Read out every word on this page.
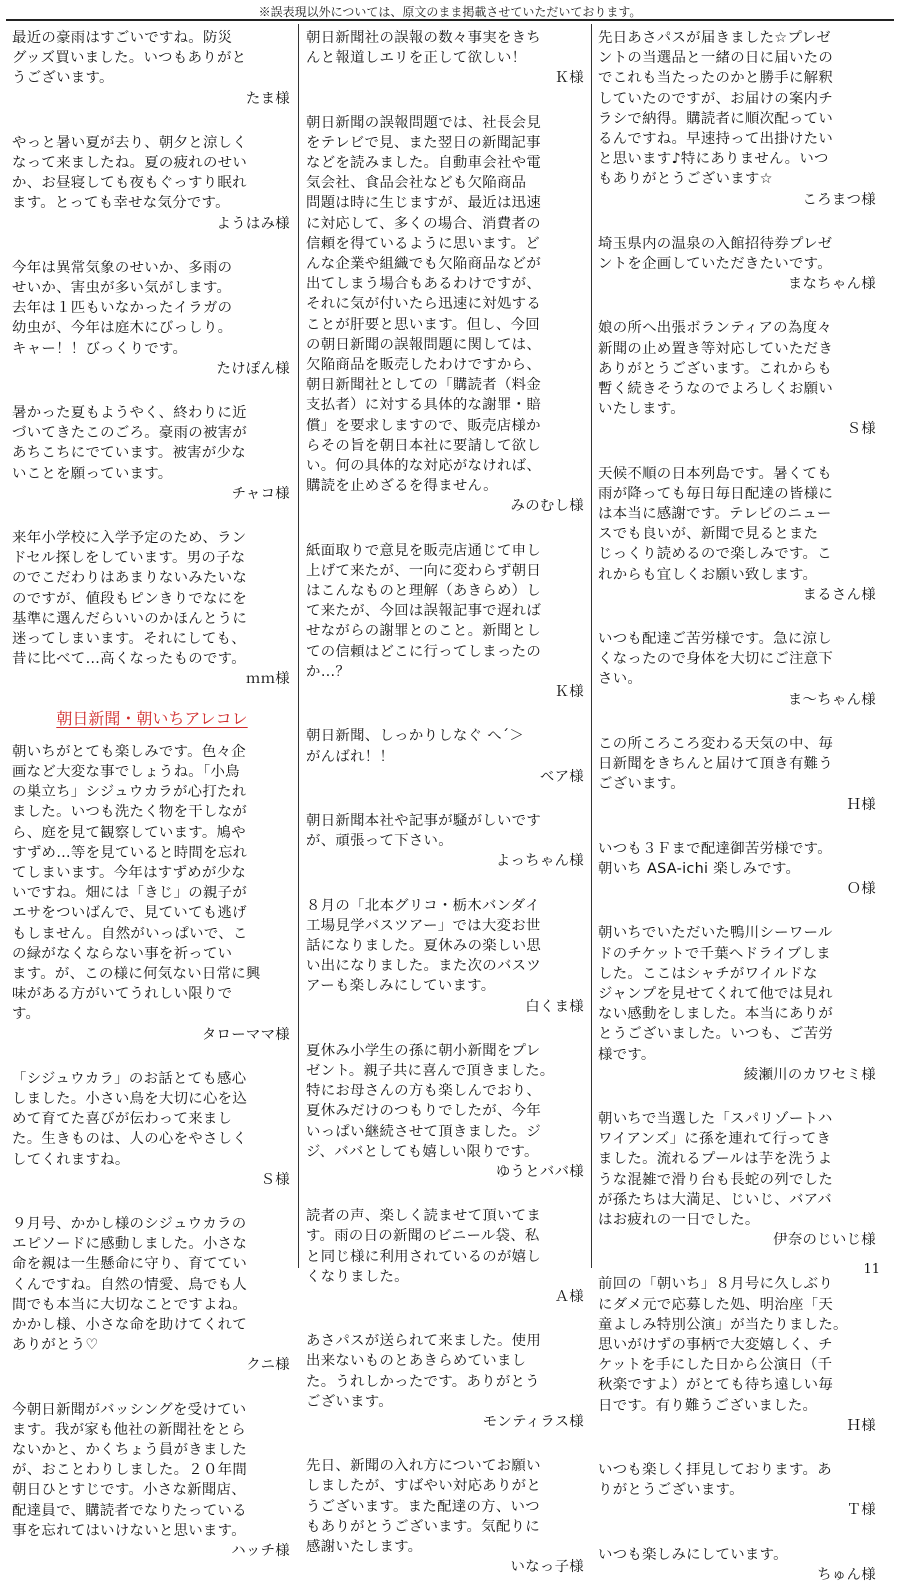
※誤表現以外については、原文のまま掲載させていただいております。

最近の豪雨はすごいですね。防災
グッズ買いました。いつもありがと
うございます。

たま様

やっと暑い夏が去り、朝夕と涼しく
なって来ましたね。夏の疲れのせい
か、お昼寝しても夜もぐっすり眠れ
ます。とっても幸せな気分です。

ようはみ様

今年は異常気象のせいか、多雨の
せいか、害虫が多い気がします。
去年は１匹もいなかったイラガの
幼虫が、今年は庭木にびっしり。
キャー！！びっくりです。

たけぽん様

暑かった夏もようやく、終わりに近
づいてきたこのごろ。豪雨の被害が
あちこちにでています。被害が少な
いことを願っています。

チャコ様

来年小学校に入学予定のため、ラン
ドセル探しをしています。男の子な
のでこだわりはあまりないみたいな
のですが、値段もピンきりでなにを
基準に選んだらいいのかほんとうに
迷ってしまいます。それにしても、
昔に比べて…高くなったものです。

ｍｍ様
朝日新聞・朝いちアレコレ

朝いちがとても楽しみです。色々企
画など大変な事でしょうね。「小鳥
の巣立ち」シジュウカラが心打たれ
ました。いつも洗たく物を干しなが
ら、庭を見て観察しています。鳩や
すずめ…等を見ていると時間を忘れ
てしまいます。今年はすずめが少な
いですね。畑には「きじ」の親子が
エサをついばんで、見ていても逃げ
もしません。自然がいっぱいで、こ
の緑がなくならない事を祈ってい
ます。が、この様に何気ない日常に興
味がある方がいてうれしい限りで
す。

タローママ様

「シジュウカラ」のお話とても感心
しました。小さい鳥を大切に心を込
めて育てた喜びが伝わって来まし
た。生きものは、人の心をやさしく
してくれますね。

Ｓ様

９月号、かかし様のシジュウカラの
エピソードに感動しました。小さな
命を親は一生懸命に守り、育ててい
くんですね。自然の情愛、鳥でも人
間でも本当に大切なことですよね。
かかし様、小さな命を助けてくれて
ありがとう♡

クニ様

今朝日新聞がバッシングを受けてい
ます。我が家も他社の新聞社をとら
ないかと、かくちょう員がきました
が、おことわりしました。２０年間
朝日ひとすじです。小さな新聞店、
配達員で、購読者でなりたっている
事を忘れてはいけないと思います。

ハッチ様

朝日新聞社の誤報の数々事実をきち
んと報道しエリを正して欲しい！

Ｋ様

朝日新聞の誤報問題では、社長会見
をテレビで見、また翌日の新聞記事
などを読みました。自動車会社や電
気会社、食品会社なども欠陥商品
問題は時に生じますが、最近は迅速
に対応して、多くの場合、消費者の
信頼を得ているように思います。ど
んな企業や組織でも欠陥商品などが
出てしまう場合もあるわけですが、
それに気が付いたら迅速に対処する
ことが肝要と思います。但し、今回
の朝日新聞の誤報問題に関しては、
欠陥商品を販売したわけですから、
朝日新聞社としての「購読者（料金
支払者）に対する具体的な謝罪・賠
償」を要求しますので、販売店様か
らその旨を朝日本社に要請して欲し
い。何の具体的な対応がなければ、
購読を止めざるを得ません。

みのむし様

紙面取りで意見を販売店通じて申し
上げて来たが、一向に変わらず朝日
はこんなものと理解（あきらめ）し
て来たが、今回は誤報記事で遅れば
せながらの謝罪とのこと。新聞とし
ての信頼はどこに行ってしまったの
か…？

Ｋ様

朝日新聞、しっかりしなぐ へ´＞
がんばれ！！

ベア様

朝日新聞本社や記事が騒がしいです
が、頑張って下さい。

よっちゃん様

８月の「北本グリコ・栃木バンダイ
工場見学バスツアー」では大変お世
話になりました。夏休みの楽しい思
い出になりました。また次のバスツ
アーも楽しみにしています。

白くま様

夏休み小学生の孫に朝小新聞をプレ
ゼント。親子共に喜んで頂きました。
特にお母さんの方も楽しんでおり、
夏休みだけのつもりでしたが、今年
いっぱい継続させて頂きました。ジ
ジ、ババとしても嬉しい限りです。

ゆうとババ様

読者の声、楽しく読ませて頂いてま
す。雨の日の新聞のビニール袋、私
と同じ様に利用されているのが嬉し
くなりました。

Ａ様

あさパスが送られて来ました。使用
出来ないものとあきらめていまし
た。うれしかったです。ありがとう
ございます。

モンティラス様

先日、新聞の入れ方についてお願い
しましたが、すばやい対応ありがと
うございます。また配達の方、いつ
もありがとうございます。気配りに
感謝いたします。

いなっ子様

先日あさパスが届きました☆プレゼ
ントの当選品と一緒の日に届いたの
でこれも当たったのかと勝手に解釈
していたのですが、お届けの案内チ
ラシで納得。購読者に順次配ってい
るんですね。早速持って出掛けたい
と思います♪特にありません。いつ
もありがとうございます☆

ころまつ様

埼玉県内の温泉の入館招待券プレゼ
ントを企画していただきたいです。

まなちゃん様

娘の所へ出張ボランティアの為度々
新聞の止め置き等対応していただき
ありがとうございます。これからも
暫く続きそうなのでよろしくお願い
いたします。

Ｓ様

天候不順の日本列島です。暑くても
雨が降っても毎日毎日配達の皆様に
は本当に感謝です。テレビのニュー
スでも良いが、新聞で見るとまた
じっくり読めるので楽しみです。こ
れからも宜しくお願い致します。

まるさん様

いつも配達ご苦労様です。急に涼し
くなったので身体を大切にご注意下
さい。

ま～ちゃん様

この所ころころ変わる天気の中、毎
日新聞をきちんと届けて頂き有難う
ございます。

Ｈ様

いつも３Ｆまで配達御苦労様です。
朝いち ASA-ichi 楽しみです。

Ｏ様

朝いちでいただいた鴨川シーワール
ドのチケットで千葉へドライブしま
した。ここはシャチがワイルドな
ジャンプを見せてくれて他では見れ
ない感動をしました。本当にありが
とうございました。いつも、ご苦労
様です。

綾瀬川のカワセミ様

朝いちで当選した「スパリゾートハ
ワイアンズ」に孫を連れて行ってき
ました。流れるプールは芋を洗うよ
うな混雑で滑り台も長蛇の列でした
が孫たちは大満足、じいじ、バアバ
はお疲れの一日でした。

伊奈のじいじ様

前回の「朝いち」８月号に久しぶり
にダメ元で応募した処、明治座「天
童よしみ特別公演」が当たりました。
思いがけずの事柄で大変嬉しく、チ
ケットを手にした日から公演日（千
秋楽ですよ）がとても待ち遠しい毎
日です。有り難うございました。

Ｈ様

いつも楽しく拝見しております。あ
りがとうございます。

Ｔ様

いつも楽しみにしています。

ちゅん様
11
